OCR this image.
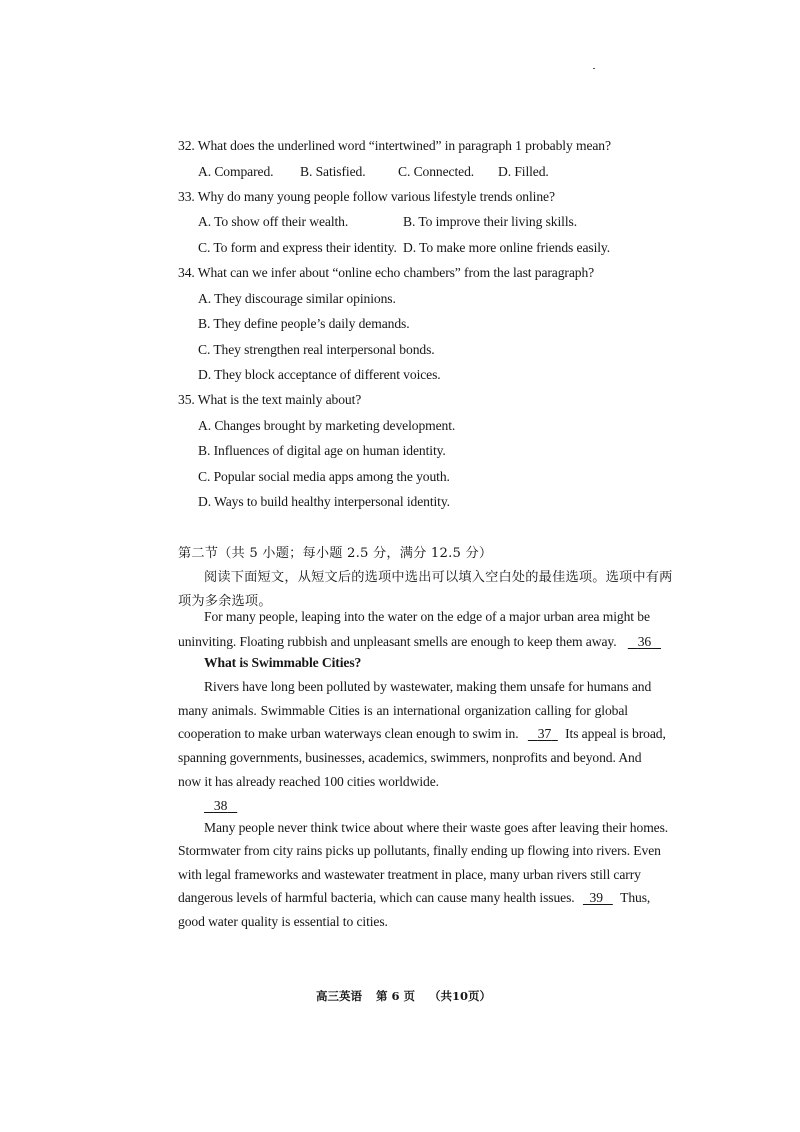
32. What does the underlined word “intertwined” in paragraph 1 probably mean?
A. Compared. B. Satisfied. C. Connected. D. Filled.
33. Why do many young people follow various lifestyle trends online?
A. To show off their wealth.	B. To improve their living skills.
C. To form and express their identity. D. To make more online friends easily.
34. What can we infer about “online echo chambers” from the last paragraph?
A. They discourage similar opinions.
B. They define people’s daily demands.
C. They strengthen real interpersonal bonds.
D. They block acceptance of different voices.
35. What is the text mainly about?
A. Changes brought by marketing development.
B. Influences of digital age on human identity.
C. Popular social media apps among the youth.
D. Ways to build healthy interpersonal identity.
第二节（共 5 小题；每小题 2.5 分，满分 12.5 分）
阅读下面短文，从短文后的选项中选出可以填入空白处的最佳选项。选项中有两
项为多余选项。
For many people, leaping into the water on the edge of a major urban area might be
uninviting. Floating rubbish and unpleasant smells are enough to keep them away. 36
What is Swimmable Cities?
Rivers have long been polluted by wastewater, making them unsafe for humans and
many animals. Swimmable Cities is an international organization calling for global
cooperation to make urban waterways clean enough to swim in. 37 Its appeal is broad,
spanning governments, businesses, academics, swimmers, nonprofits and beyond. And
now it has already reached 100 cities worldwide.
38
Many people never think twice about where their waste goes after leaving their homes.
Stormwater from city rains picks up pollutants, finally ending up flowing into rivers. Even
with legal frameworks and wastewater treatment in place, many urban rivers still carry
dangerous levels of harmful bacteria, which can cause many health issues. 39 Thus,
good water quality is essential to cities.
高三英语 第 6 页 （共10页）
